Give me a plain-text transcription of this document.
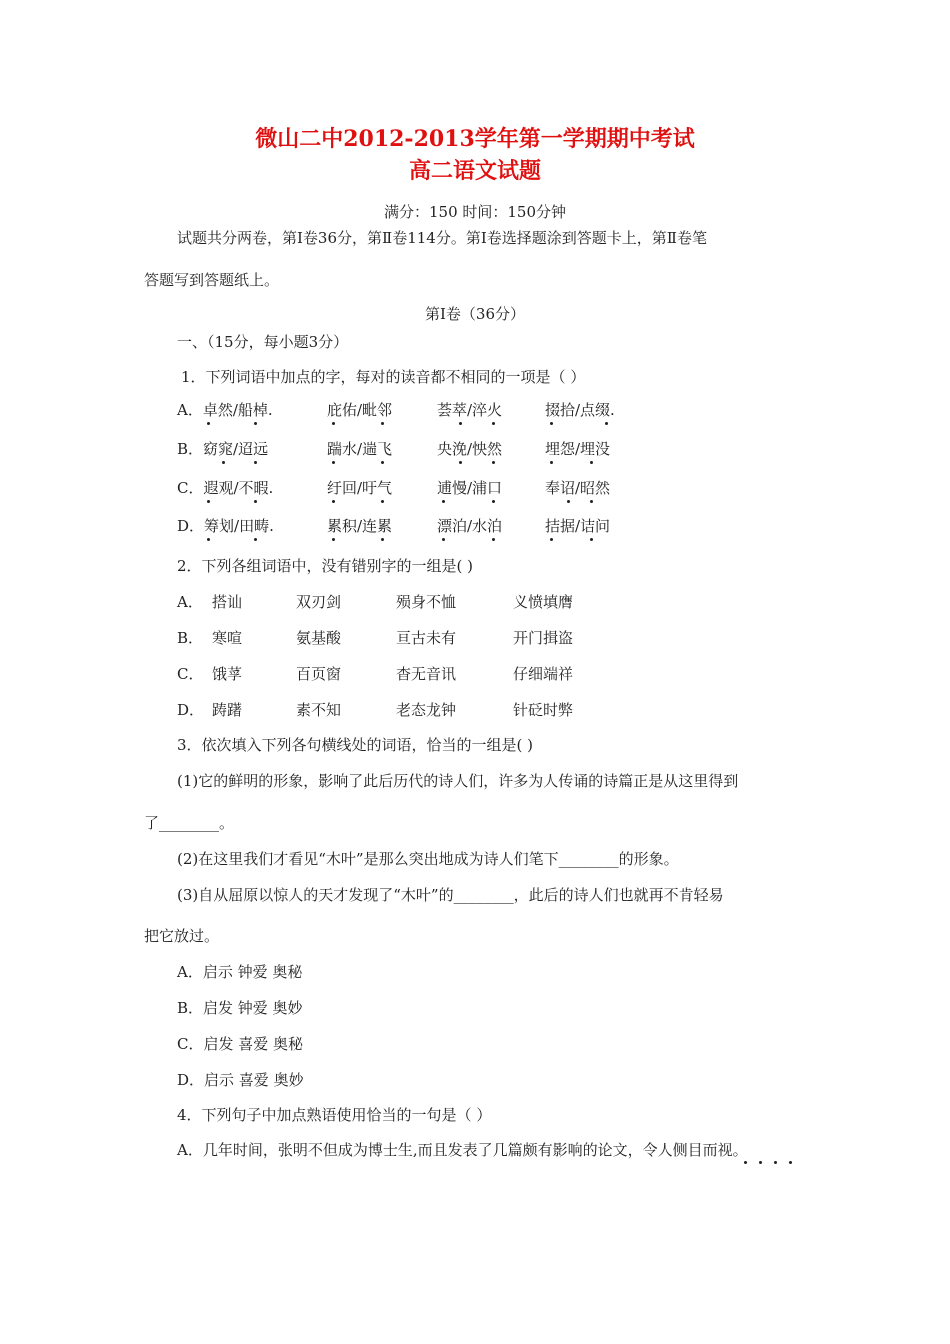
微山二中2012-2013学年第一学期期中考试
高二语文试题
满分：150 时间：150分钟
试题共分两卷，第Ⅰ卷36分，第Ⅱ卷114分。第Ⅰ卷选择题涂到答题卡上，第Ⅱ卷笔
答题写到答题纸上。
第Ⅰ卷（36分）
一、（15分，每小题3分）
1．下列词语中加点的字，每对的读音都不相同的一项是（ ）
A．卓然/船棹.	庇佑/毗邻	荟萃/淬火	掇拾/点缀.
B．窈窕/迢远	踹水/遄飞	央浼/怏然	埋怨/埋没
C．遐观/不暇.	纡回/吁气	逋慢/浦口	奉诏/昭然
D．筹划/田畴.	累积/连累	漂泊/水泊	拮据/诘问
2．下列各组词语中，没有错别字的一组是( )
A． 搭讪	双刃剑	殒身不恤	义愤填膺
B． 寒喧	氨基酸	亘古未有	开门揖盗
C． 饿莩	百页窗	杳无音讯	仔细端祥
D． 踌躇	素不知	老态龙钟	针砭时弊
3．依次填入下列各句横线处的词语，恰当的一组是( )
(1)它的鲜明的形象，影响了此后历代的诗人们，许多为人传诵的诗篇正是从这里得到
了________。
(2)在这里我们才看见“木叶”是那么突出地成为诗人们笔下________的形象。
(3)自从屈原以惊人的天才发现了“木叶”的________，此后的诗人们也就再不肯轻易
把它放过。
A．启示 钟爱 奥秘
B．启发 钟爱 奥妙
C．启发 喜爱 奥秘
D．启示 喜爱 奥妙
4．下列句子中加点熟语使用恰当的一句是（ ）
A．几年时间，张明不但成为博士生,而且发表了几篇颇有影响的论文，令人侧目而视。
